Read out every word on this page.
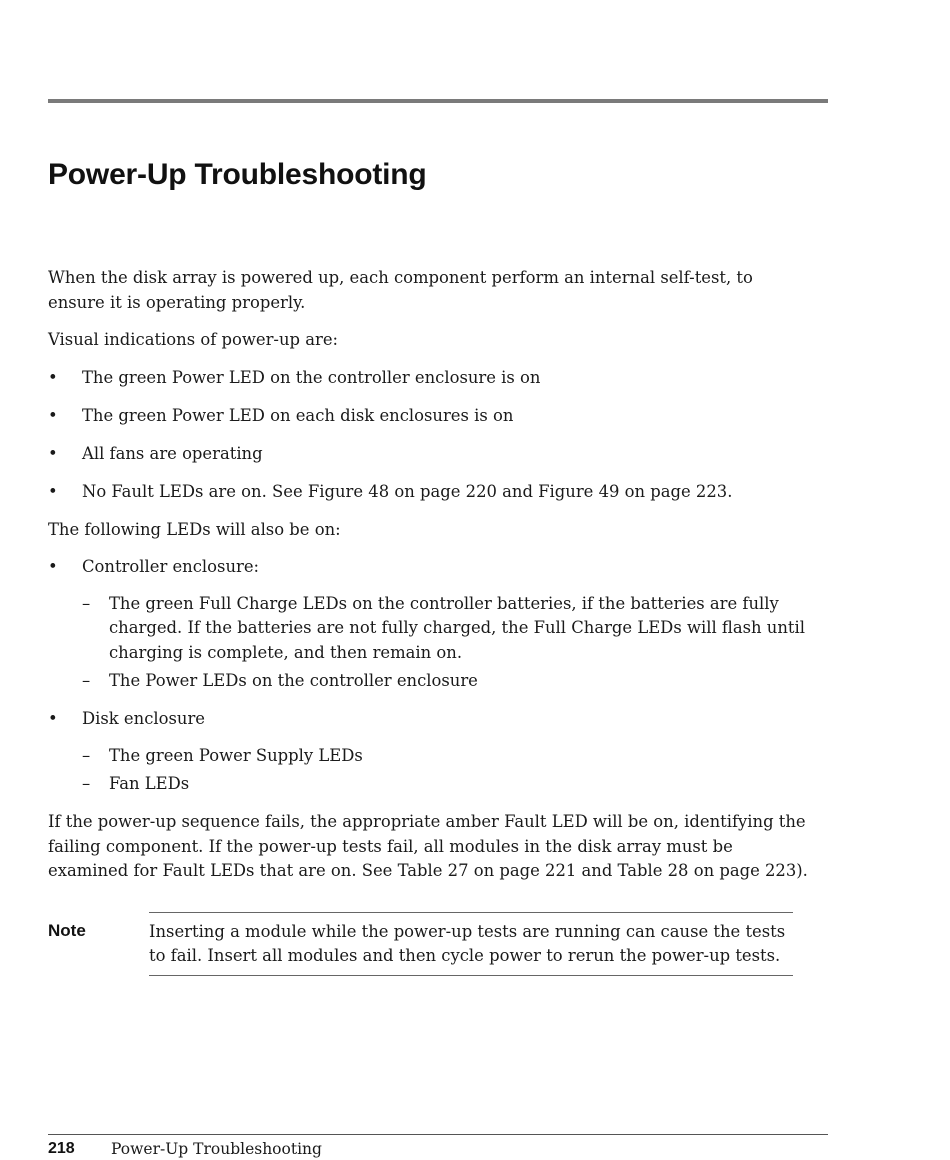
Power-Up Troubleshooting

When the disk array is powered up, each component perform an internal self-test, to ensure it is operating properly.

Visual indications of power-up are:

• The green Power LED on the controller enclosure is on
• The green Power LED on each disk enclosures is on
• All fans are operating
• No Fault LEDs are on. See Figure 48 on page 220 and Figure 49 on page 223.

The following LEDs will also be on:

• Controller enclosure:
– The green Full Charge LEDs on the controller batteries, if the batteries are fully charged. If the batteries are not fully charged, the Full Charge LEDs will flash until charging is complete, and then remain on.
– The Power LEDs on the controller enclosure
• Disk enclosure
– The green Power Supply LEDs
– Fan LEDs

If the power-up sequence fails, the appropriate amber Fault LED will be on, identifying the failing component. If the power-up tests fail, all modules in the disk array must be examined for Fault LEDs that are on. See Table 27 on page 221 and Table 28 on page 223).

Note	Inserting a module while the power-up tests are running can cause the tests to fail. Insert all modules and then cycle power to rerun the power-up tests.
218 Power-Up Troubleshooting
